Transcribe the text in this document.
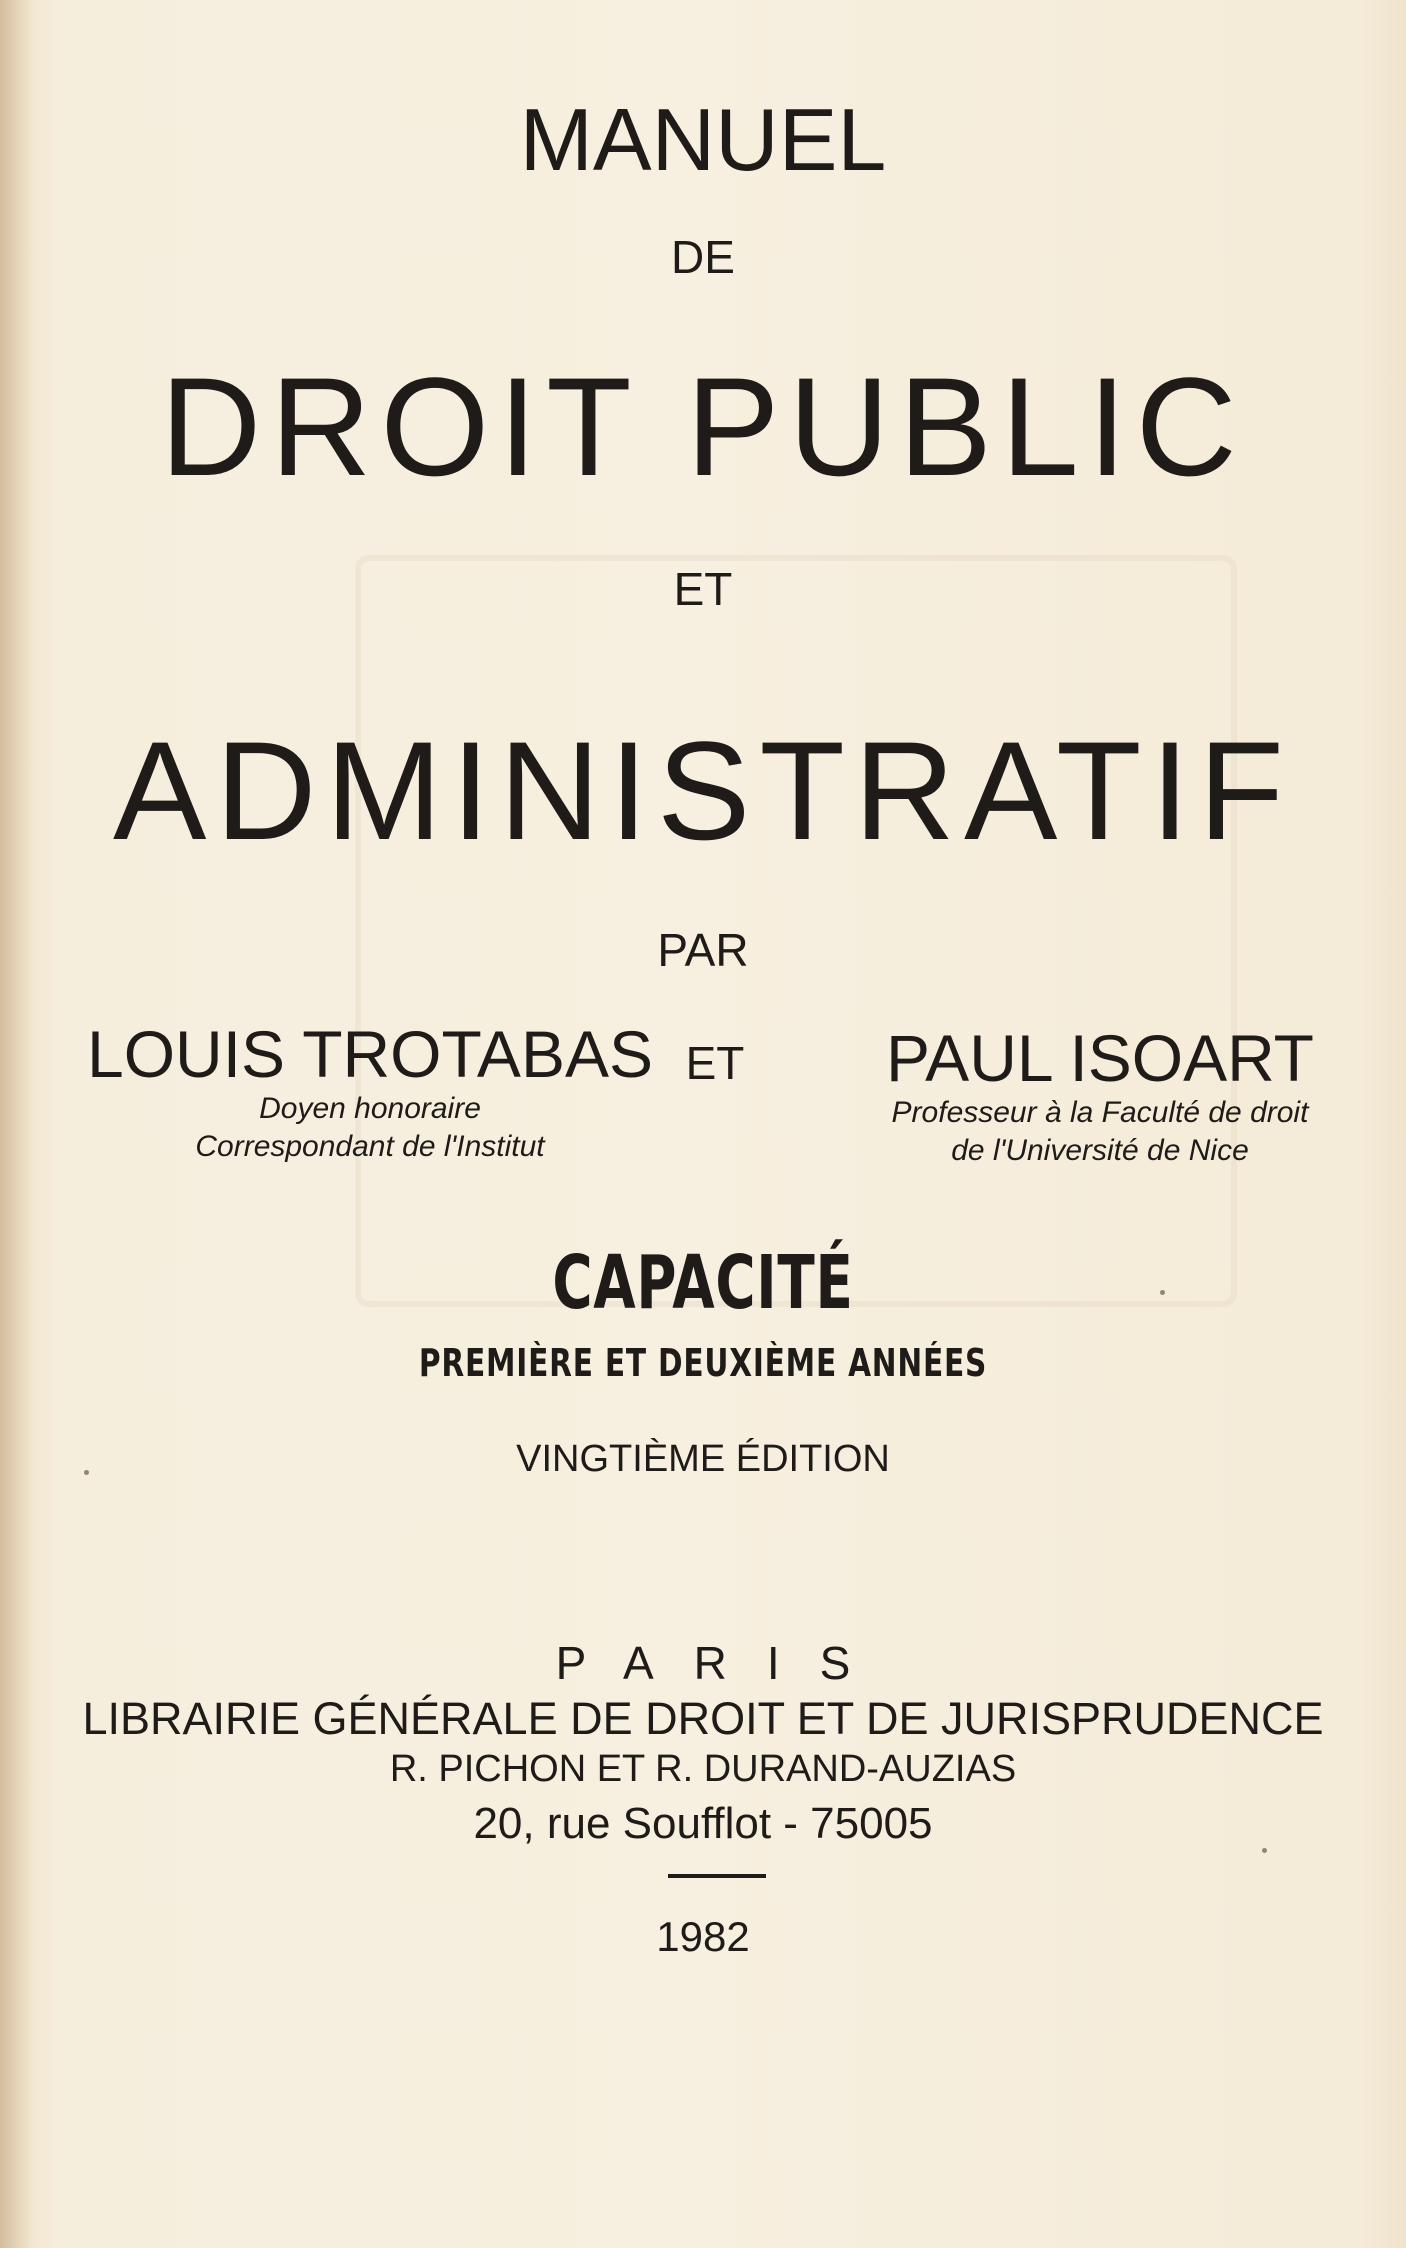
MANUEL

DE

DROIT PUBLIC

ET

ADMINISTRATIF

PAR

LOUIS TROTABAS

Doyen honoraire

Correspondant de l'Institut

ET	PAUL ISOART

Professeur à la Faculté de droit

de l'Université de Nice

CAPACITÉ

PREMIÈRE ET DEUXIÈME ANNÉES

VINGTIÈME ÉDITION

PARIS

LIBRAIRIE GÉNÉRALE DE DROIT ET DE JURISPRUDENCE

R. PICHON ET R. DURAND-AUZIAS

20, rue Soufflot - 75005

1982
